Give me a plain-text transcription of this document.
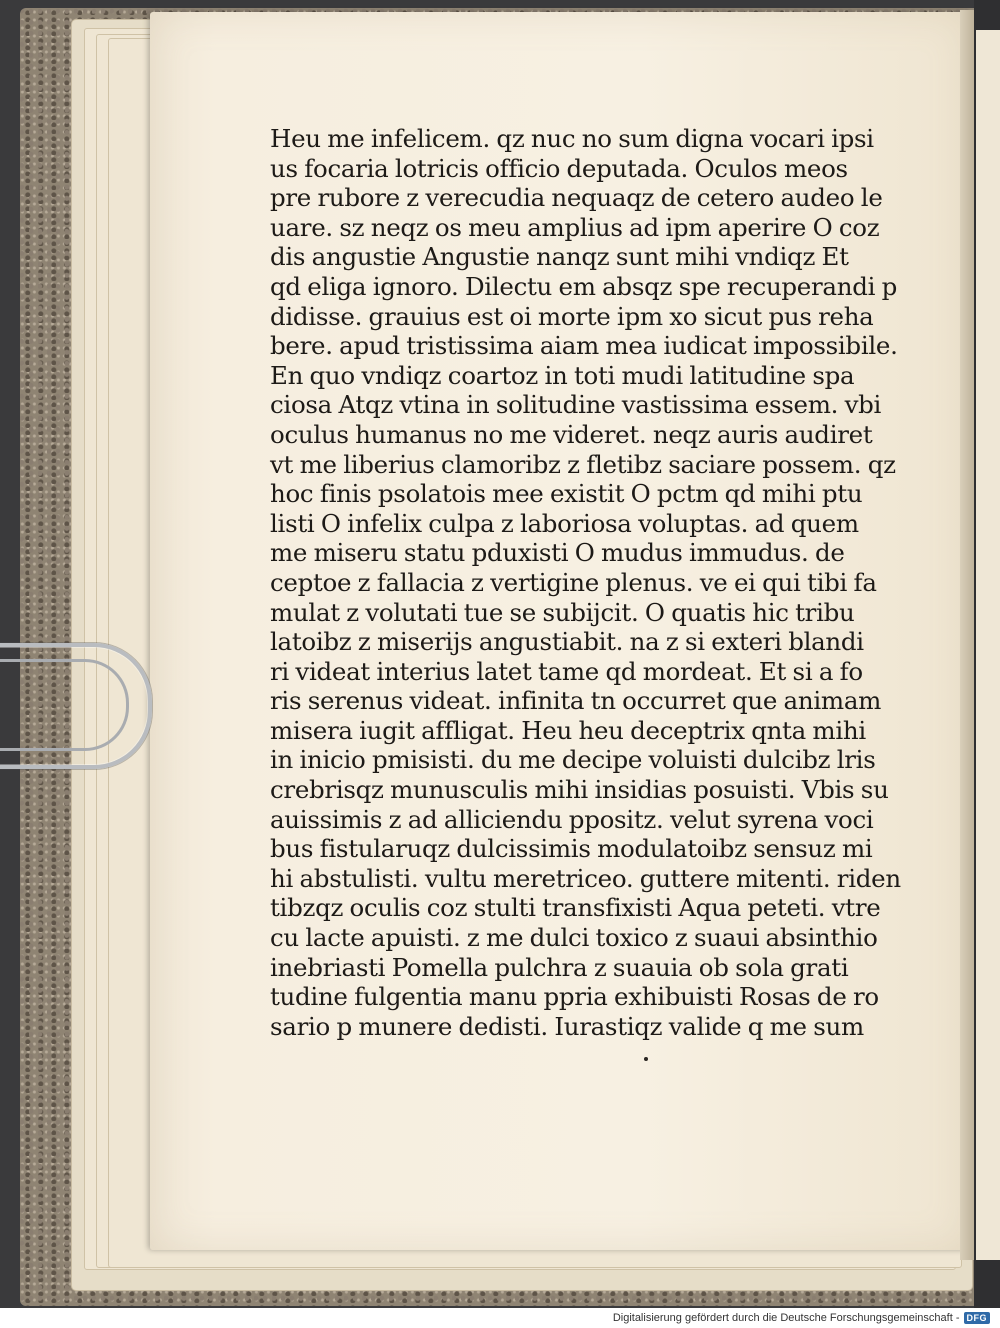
Heu me infelicem. qz nuc no sum digna vocari ipsi
us focaria lotricis officio deputada. Oculos meos
pre rubore z verecudia nequaqz de cetero audeo le
uare. sz neqz os meu amplius ad ipm aperire O coz
dis angustie Angustie nanqz sunt mihi vndiqz Et
qd eliga ignoro. Dilectu em absqz spe recuperandi p
didisse. grauius est oi morte ipm xo sicut pus reha
bere. apud tristissima aiam mea iudicat impossibile.
En quo vndiqz coartoz in toti mudi latitudine spa
ciosa Atqz vtina in solitudine vastissima essem. vbi
oculus humanus no me videret. neqz auris audiret
vt me liberius clamoribz z fletibz saciare possem. qz
hoc finis psolatois mee existit O pctm qd mihi ptu
listi O infelix culpa z laboriosa voluptas. ad quem
me miseru statu pduxisti O mudus immudus. de
ceptoe z fallacia z vertigine plenus. ve ei qui tibi fa
mulat z volutati tue se subijcit. O quatis hic tribu
latoibz z miserijs angustiabit. na z si exteri blandi
ri videat interius latet tame qd mordeat. Et si a fo
ris serenus videat. infinita tn occurret que animam
misera iugit affligat. Heu heu deceptrix qnta mihi
in inicio pmisisti. du me decipe voluisti dulcibz lris
crebrisqz munusculis mihi insidias posuisti. Vbis su
auissimis z ad alliciendu ppositz. velut syrena voci
bus fistularuqz dulcissimis modulatoibz sensuz mi
hi abstulisti. vultu meretriceo. guttere mitenti. riden
tibzqz oculis coz stulti transfixisti Aqua peteti. vtre
cu lacte apuisti. z me dulci toxico z suaui absinthio
inebriasti Pomella pulchra z suauia ob sola grati
tudine fulgentia manu ppria exhibuisti Rosas de ro
sario p munere dedisti. Iurastiqz valide q me sum
Digitalisierung gefördert durch die Deutsche Forschungsgemeinschaft - DFG
